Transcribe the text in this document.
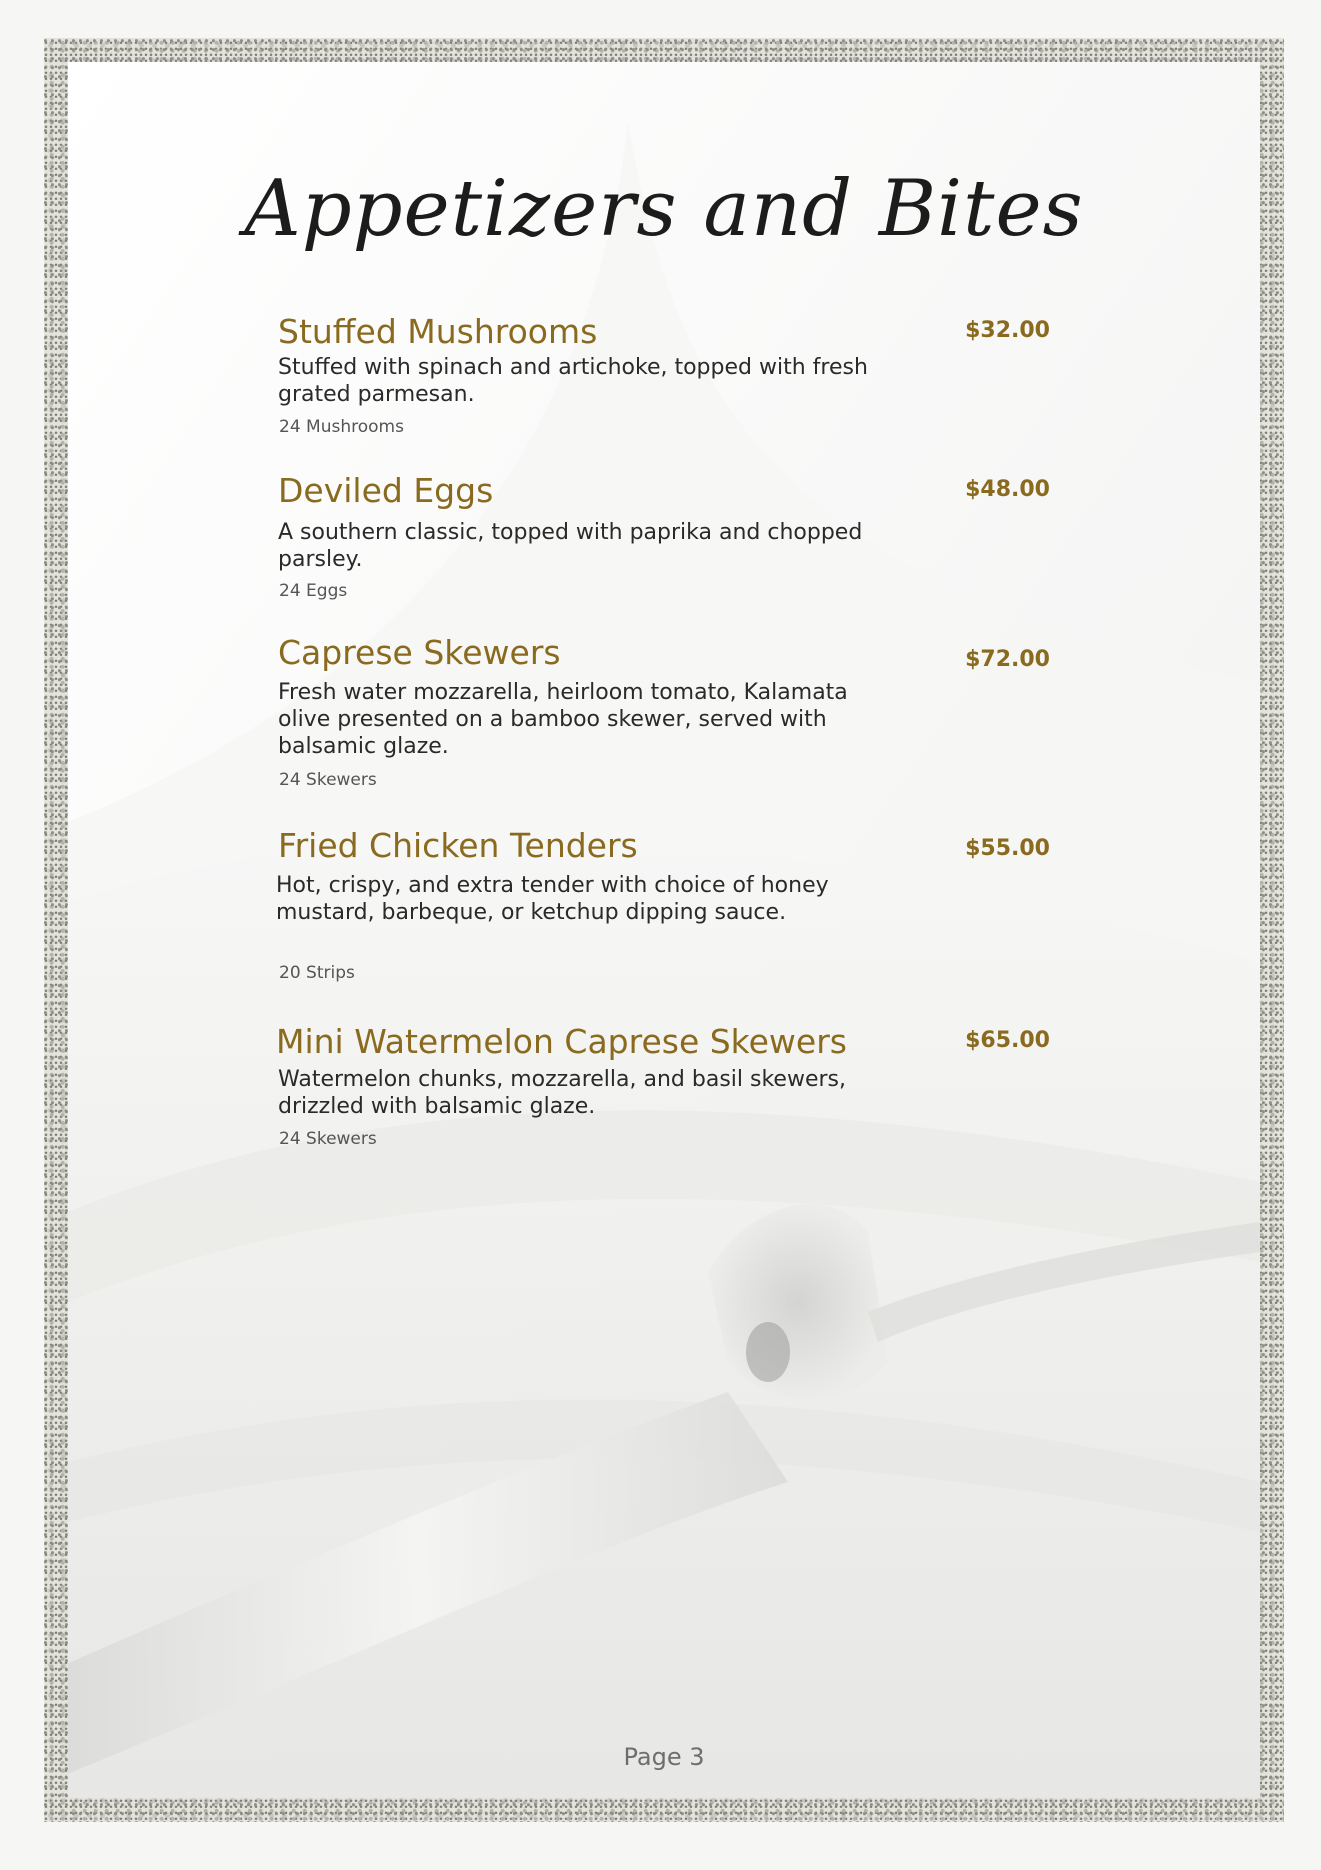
Appetizers and Bites
Stuffed Mushrooms	$32.00

Stuffed with spinach and artichoke, topped with fresh grated parmesan.

24 Mushrooms
Deviled Eggs	$48.00

A southern classic, topped with paprika and chopped parsley.

24 Eggs
Caprese Skewers	$72.00

Fresh water mozzarella, heirloom tomato, Kalamata olive presented on a bamboo skewer, served with balsamic glaze.

24 Skewers
Fried Chicken Tenders	$55.00

Hot, crispy, and extra tender with choice of honey mustard, barbeque, or ketchup dipping sauce.

20 Strips
Mini Watermelon Caprese Skewers	$65.00

Watermelon chunks, mozzarella, and basil skewers, drizzled with balsamic glaze.

24 Skewers
Page 3
